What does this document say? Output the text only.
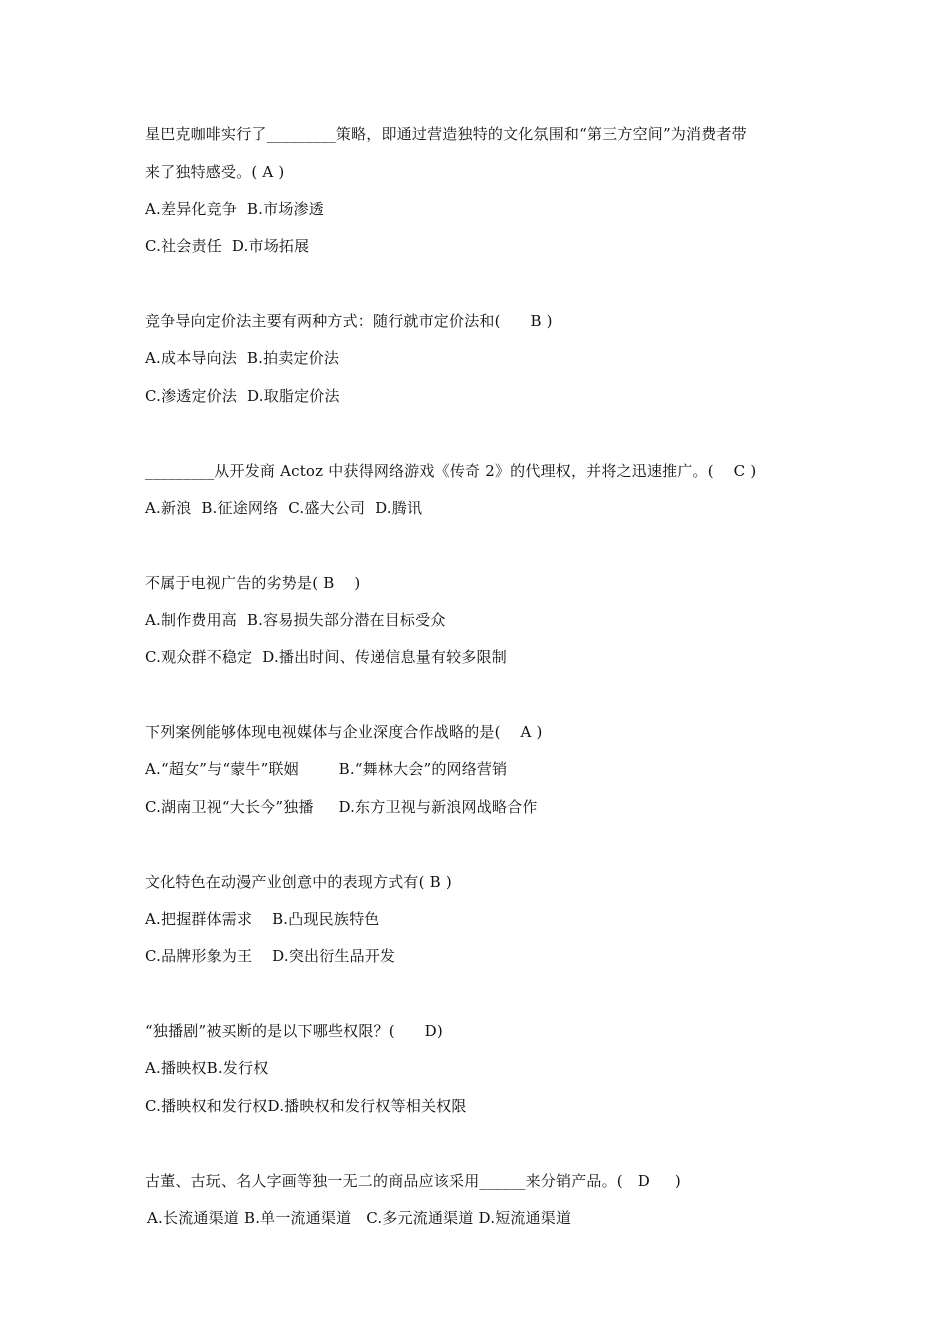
星巴克咖啡实行了_________策略，即通过营造独特的文化氛围和“第三方空间”为消费者带
来了独特感受。( A )
A.差异化竞争  B.市场渗透
C.社会责任  D.市场拓展
竞争导向定价法主要有两种方式：随行就市定价法和(      B )
A.成本导向法  B.拍卖定价法
C.渗透定价法  D.取脂定价法
_________从开发商 Actoz 中获得网络游戏《传奇 2》的代理权，并将之迅速推广。(    C )
A.新浪  B.征途网络  C.盛大公司  D.腾讯
不属于电视广告的劣势是( B    )
A.制作费用高  B.容易损失部分潜在目标受众
C.观众群不稳定  D.播出时间、传递信息量有较多限制
下列案例能够体现电视媒体与企业深度合作战略的是(    A )
A.“超女”与“蒙牛”联姻        B.“舞林大会”的网络营销
C.湖南卫视“大长今”独播     D.东方卫视与新浪网战略合作
文化特色在动漫产业创意中的表现方式有( B )
A.把握群体需求    B.凸现民族特色
C.品牌形象为王    D.突出衍生品开发
“独播剧”被买断的是以下哪些权限？(      D)
A.播映权B.发行权
C.播映权和发行权D.播映权和发行权等相关权限
古董、古玩、名人字画等独一无二的商品应该采用______来分销产品。(   D     )
A.长流通渠道 B.单一流通渠道   C.多元流通渠道 D.短流通渠道
